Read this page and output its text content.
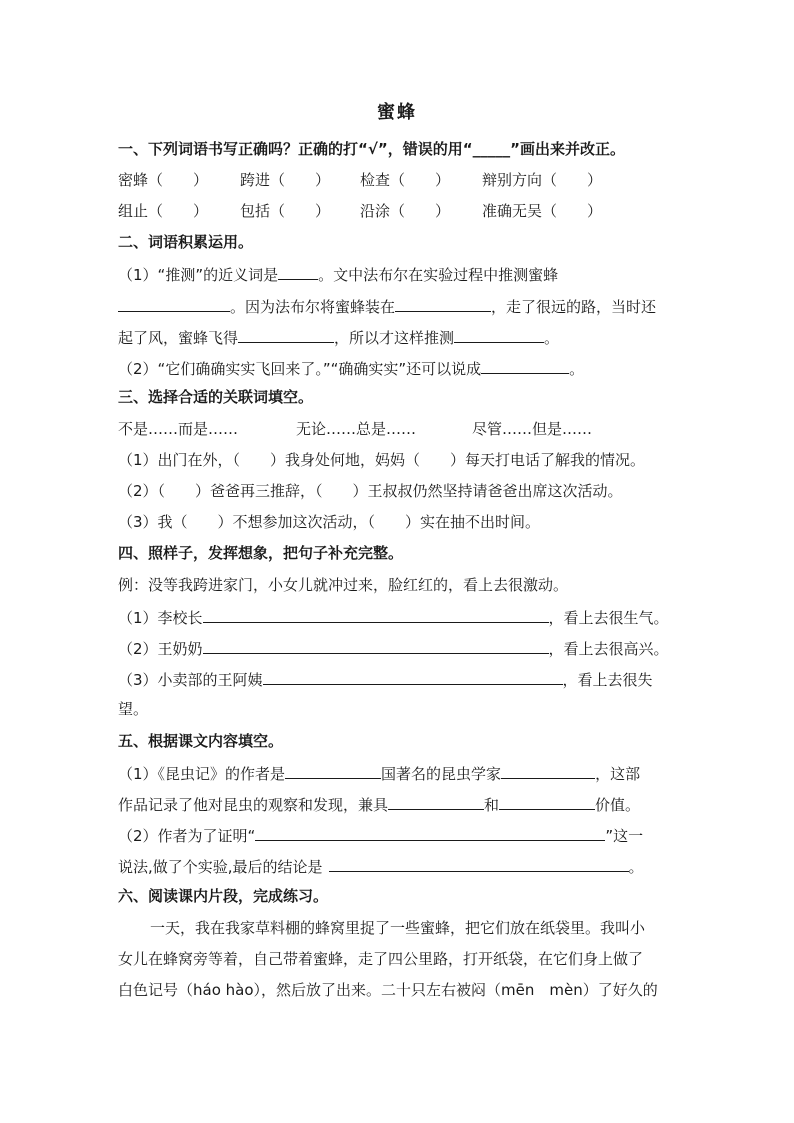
蜜蜂
一、下列词语书写正确吗？正确的打“√”，错误的用“_____”画出来并改正。
密蜂（　　） 跨进（　　） 检查（　　） 辩别方向（　　）
组止（　　） 包括（　　） 沿涂（　　） 准确无吴（　　）
二、词语积累运用。
（1）“推测”的近义词是	。文中法布尔在实验过程中推测蜜蜂
。因为法布尔将蜜蜂装在	，走了很远的路，当时还
起了风，蜜蜂飞得	，所以才这样推测	。
（2）“它们确确实实飞回来了。”“确确实实”还可以说成	。
三、选择合适的关联词填空。
不是……而是……	无论……总是……	尽管……但是……
（1）出门在外，（　　）我身处何地，妈妈（　　）每天打电话了解我的情况。
（2）（　　）爸爸再三推辞，（　　）王叔叔仍然坚持请爸爸出席这次活动。
（3）我（　　）不想参加这次活动，（　　）实在抽不出时间。
四、照样子，发挥想象，把句子补充完整。
例：没等我跨进家门，小女儿就冲过来，脸红红的，看上去很激动。
（1）李校长	，看上去很生气。
（2）王奶奶	，看上去很高兴。
（3）小卖部的王阿姨	，看上去很失
望。
五、根据课文内容填空。
（1）《昆虫记》的作者是	国著名的昆虫学家	，这部
作品记录了他对昆虫的观察和发现，兼具	和	价值。
（2）作者为了证明“	”这一
说法,做了个实验,最后的结论是	。
六、阅读课内片段，完成练习。
一天，我在我家草料棚的蜂窝里捉了一些蜜蜂，把它们放在纸袋里。我叫小
女儿在蜂窝旁等着，自己带着蜜蜂，走了四公里路，打开纸袋，在它们身上做了
白色记号（háo hào），然后放了出来。二十只左右被闷（mēn　mèn）了好久的
